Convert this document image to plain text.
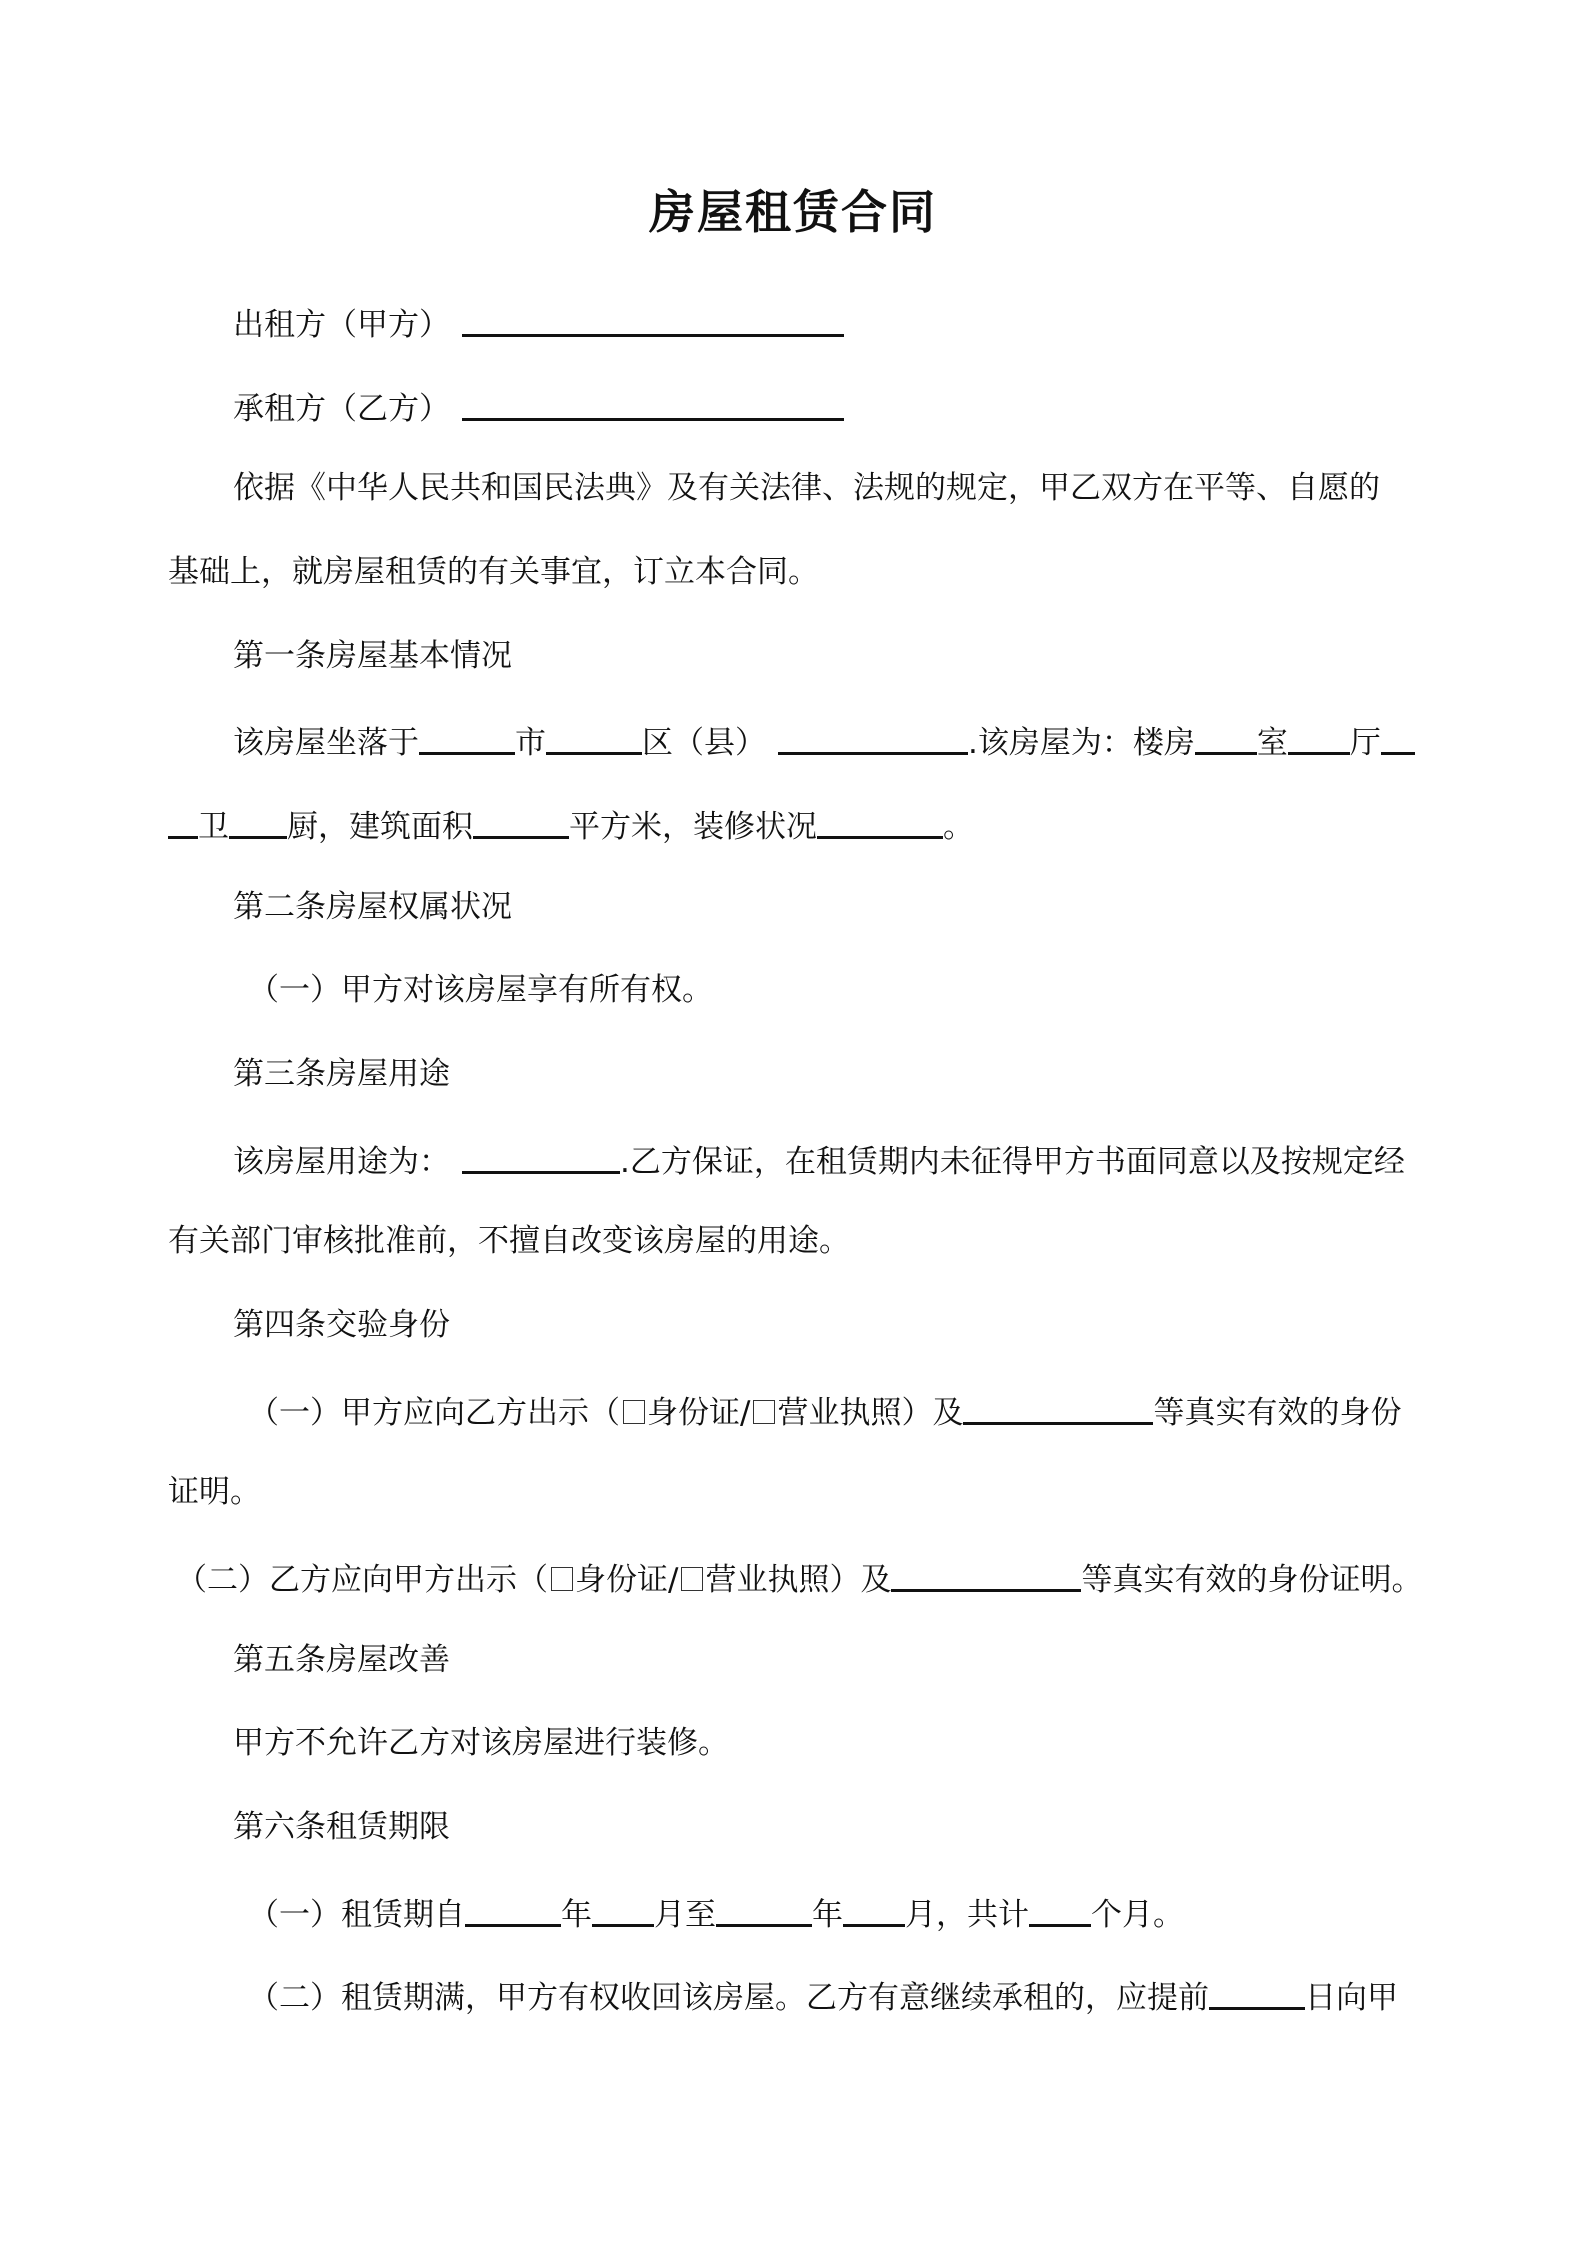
房屋租赁合同

出租方（甲方）

承租方（乙方）

依据《中华人民共和国民法典》及有关法律、法规的规定，甲乙双方在平等、自愿的

基础上，就房屋租赁的有关事宜，订立本合同。

第一条房屋基本情况

该房屋坐落于	市	区（县）	.该房屋为：楼房 室 厅

卫 厨，建筑面积	平方米，装修状况	。

第二条房屋权属状况

（一）甲方对该房屋享有所有权。

第三条房屋用途

该房屋用途为：	.乙方保证，在租赁期内未征得甲方书面同意以及按规定经

有关部门审核批准前，不擅自改变该房屋的用途。

第四条交验身份

（一）甲方应向乙方出示（ 身份证/ 营业执照）及	等真实有效的身份

证明。

（二）乙方应向甲方出示（ 身份证/ 营业执照）及	等真实有效的身份证明。

第五条房屋改善

甲方不允许乙方对该房屋进行装修。

第六条租赁期限

（一）租赁期自	年 月至	年 月，共计 个月。

（二）租赁期满，甲方有权收回该房屋。乙方有意继续承租的，应提前	日向甲
